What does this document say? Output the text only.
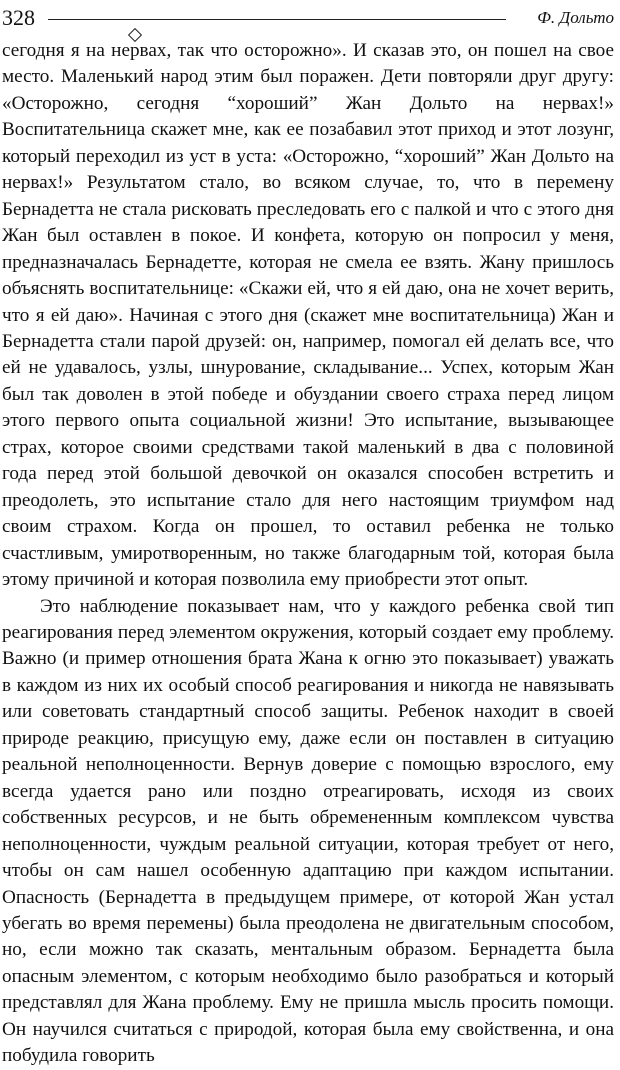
328	Ф. Дольто

сегодня я на нервах, так что осторожно». И сказав это, он пошел на свое место. Маленький народ этим был поражен. Дети повторяли друг другу: «Осторожно, сегодня “хороший” Жан Дольто на нервах!» Воспитательница скажет мне, как ее позабавил этот приход и этот лозунг, который переходил из уст в уста: «Осторожно, “хороший” Жан Дольто на нервах!» Результатом стало, во всяком случае, то, что в перемену Бернадетта не стала рисковать преследовать его с палкой и что с этого дня Жан был оставлен в покое. И конфета, которую он попросил у меня, предназначалась Бернадетте, которая не смела ее взять. Жану пришлось объяснять воспитательнице: «Скажи ей, что я ей даю, она не хочет верить, что я ей даю». Начиная с этого дня (скажет мне воспитательница) Жан и Бернадетта стали парой друзей: он, например, помогал ей делать все, что ей не удавалось, узлы, шнурование, складывание... Успех, которым Жан был так доволен в этой победе и обуздании своего страха перед лицом этого первого опыта социальной жизни! Это испытание, вызывающее страх, которое своими средствами такой маленький в два с половиной года перед этой большой девочкой он оказался способен встретить и преодолеть, это испытание стало для него настоящим триумфом над своим страхом. Когда он прошел, то оставил ребенка не только счастливым, умиротворенным, но также благодарным той, которая была этому причиной и которая позволила ему приобрести этот опыт.

Это наблюдение показывает нам, что у каждого ребенка свой тип реагирования перед элементом окружения, который создает ему проблему. Важно (и пример отношения брата Жана к огню это показывает) уважать в каждом из них их особый способ реагирования и никогда не навязывать или советовать стандартный способ защиты. Ребенок находит в своей природе реакцию, присущую ему, даже если он поставлен в ситуацию реальной неполноценности. Вернув доверие с помощью взрослого, ему всегда удается рано или поздно отреагировать, исходя из своих собственных ресурсов, и не быть обремененным комплексом чувства неполноценности, чуждым реальной ситуации, которая требует от него, чтобы он сам нашел особенную адаптацию при каждом испытании. Опасность (Бернадетта в предыдущем примере, от которой Жан устал убегать во время перемены) была преодолена не двигательным способом, но, если можно так сказать, ментальным образом. Бернадетта была опасным элементом, с которым необходимо было разобраться и который представлял для Жана проблему. Ему не пришла мысль просить помощи. Он научился считаться с природой, которая была ему свойственна, и она побудила говорить
